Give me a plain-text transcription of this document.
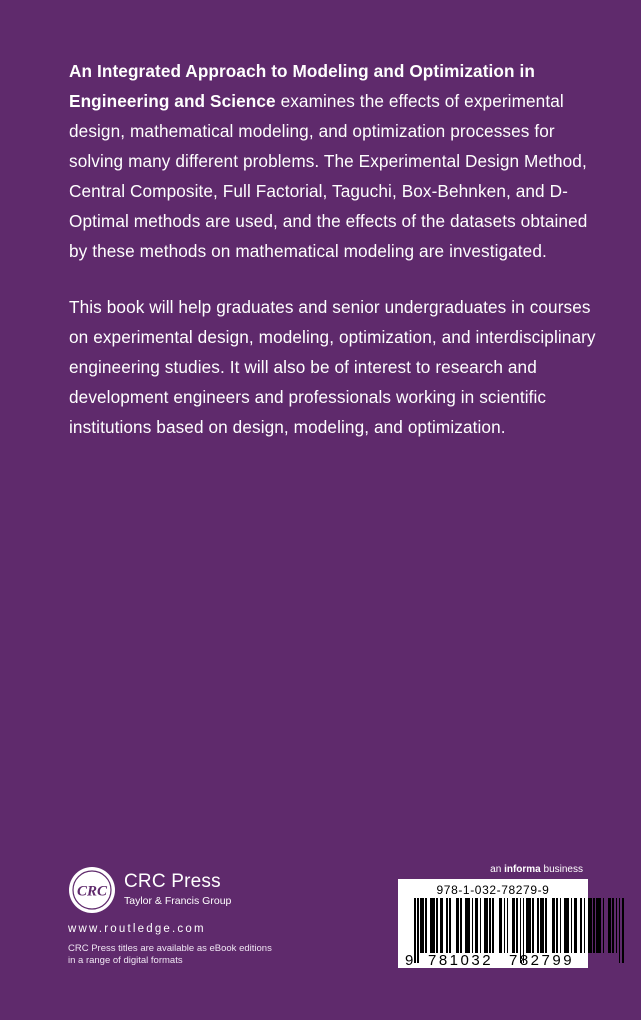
An Integrated Approach to Modeling and Optimization in Engineering and Science examines the effects of experimental design, mathematical modeling, and optimization processes for solving many different problems. The Experimental Design Method, Central Composite, Full Factorial, Taguchi, Box-Behnken, and D-Optimal methods are used, and the effects of the datasets obtained by these methods on mathematical modeling are investigated.

This book will help graduates and senior undergraduates in courses on experimental design, modeling, optimization, and interdisciplinary engineering studies. It will also be of interest to research and development engineers and professionals working in scientific institutions based on design, modeling, and optimization.

CRC CRC Press
Taylor & Francis Group
www.routledge.com
CRC Press titles are available as eBook editions
in a range of digital formats
an informa business
978-1-032-78279-9
9 781032 782799
